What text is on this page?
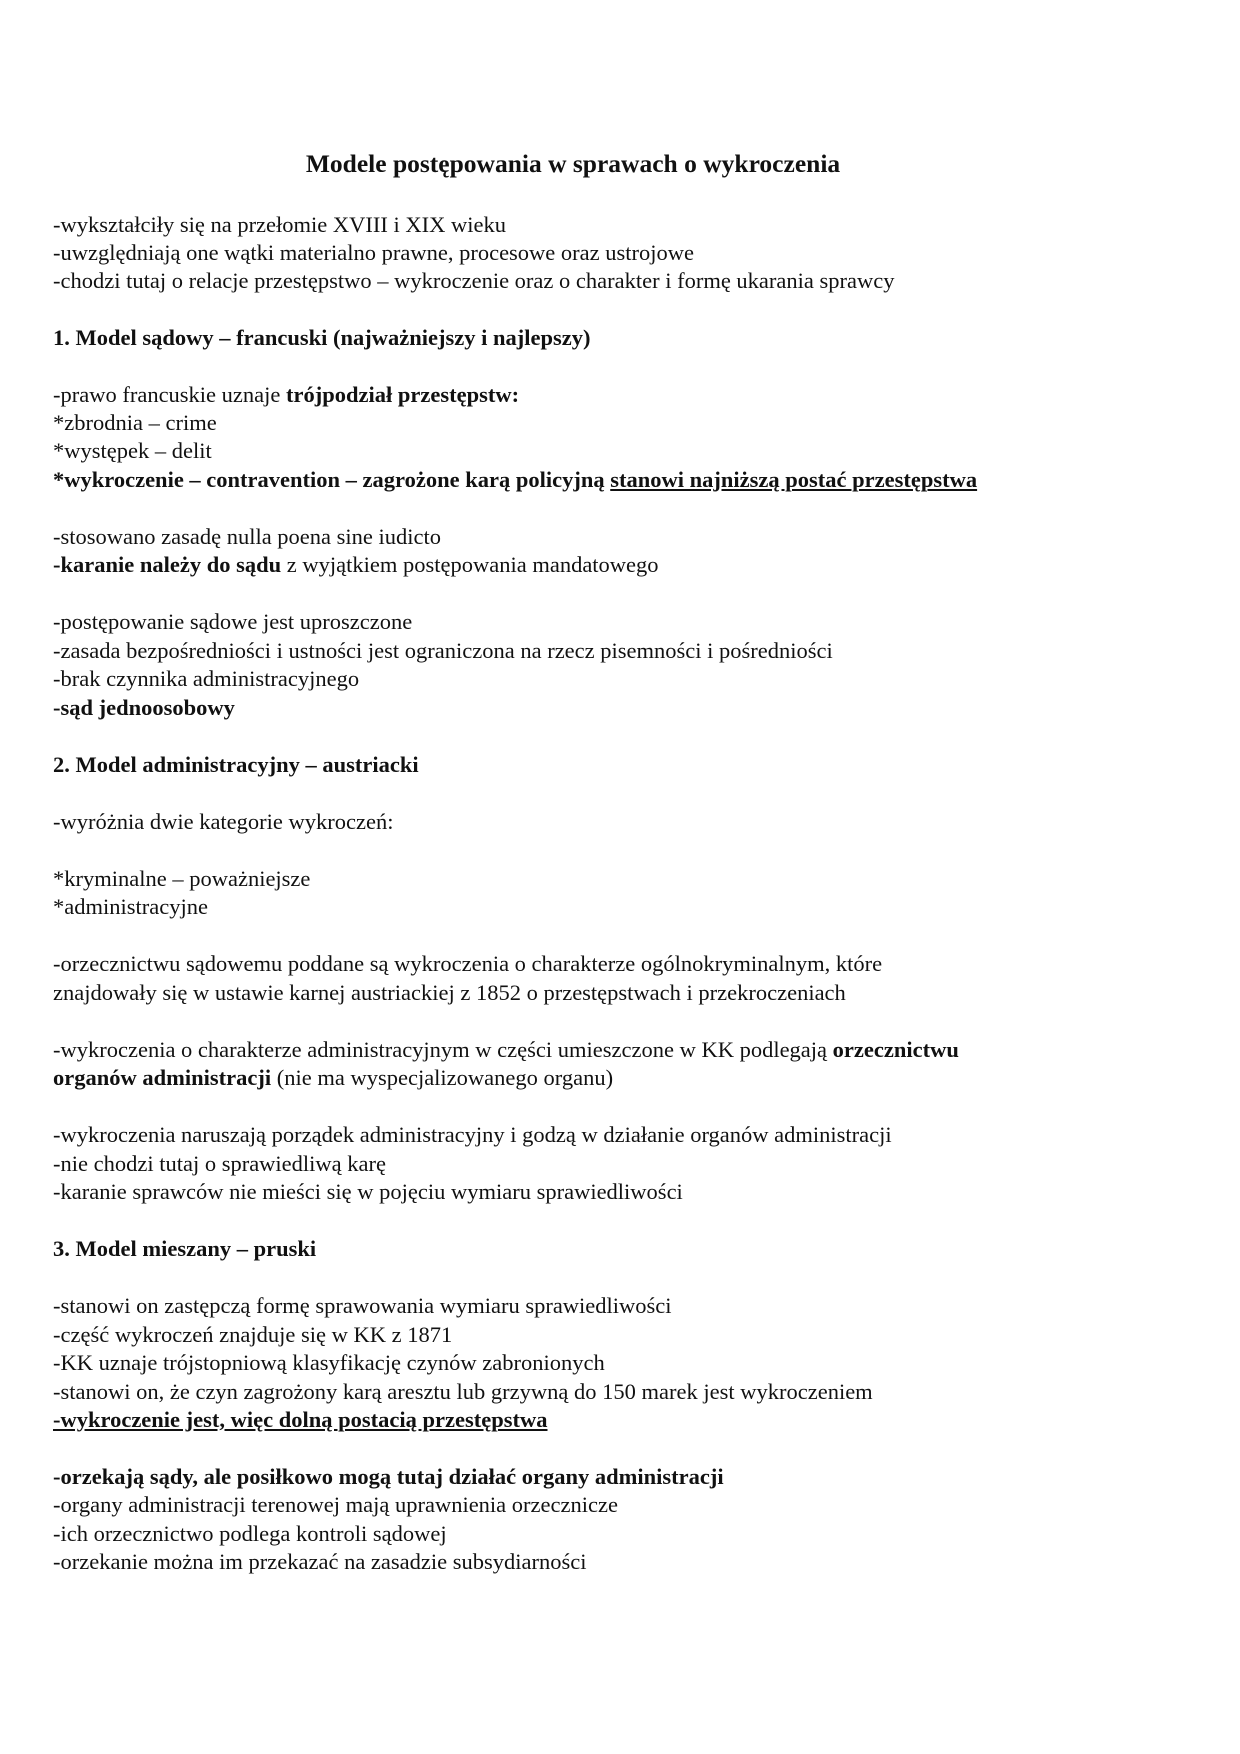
Modele postępowania w sprawach o wykroczenia
-wykształciły się na przełomie XVIII i XIX wieku
-uwzględniają one wątki materialno prawne, procesowe oraz ustrojowe
-chodzi tutaj o relacje przestępstwo – wykroczenie oraz o charakter i formę ukarania sprawcy
1. Model sądowy – francuski (najważniejszy i najlepszy)
-prawo francuskie uznaje trójpodział przestępstw:
*zbrodnia – crime
*występek – delit
*wykroczenie – contravention – zagrożone karą policyjną stanowi najniższą postać przestępstwa
-stosowano zasadę nulla poena sine iudicto
-karanie należy do sądu z wyjątkiem postępowania mandatowego
-postępowanie sądowe jest uproszczone
-zasada bezpośredniości i ustności jest ograniczona na rzecz pisemności i pośredniości
-brak czynnika administracyjnego
-sąd jednoosobowy
2. Model administracyjny – austriacki
-wyróżnia dwie kategorie wykroczeń:
*kryminalne – poważniejsze
*administracyjne
-orzecznictwu sądowemu poddane są wykroczenia o charakterze ogólnokryminalnym, które
znajdowały się w ustawie karnej austriackiej z 1852 o przestępstwach i przekroczeniach
-wykroczenia o charakterze administracyjnym w części umieszczone w KK podlegają orzecznictwu
organów administracji (nie ma wyspecjalizowanego organu)
-wykroczenia naruszają porządek administracyjny i godzą w działanie organów administracji
-nie chodzi tutaj o sprawiedliwą karę
-karanie sprawców nie mieści się w pojęciu wymiaru sprawiedliwości
3. Model mieszany – pruski
-stanowi on zastępczą formę sprawowania wymiaru sprawiedliwości
-część wykroczeń znajduje się w KK z 1871
-KK uznaje trójstopniową klasyfikację czynów zabronionych
-stanowi on, że czyn zagrożony karą aresztu lub grzywną do 150 marek jest wykroczeniem
-wykroczenie jest, więc dolną postacią przestępstwa
-orzekają sądy, ale posiłkowo mogą tutaj działać organy administracji
-organy administracji terenowej mają uprawnienia orzecznicze
-ich orzecznictwo podlega kontroli sądowej
-orzekanie można im przekazać na zasadzie subsydiarności
